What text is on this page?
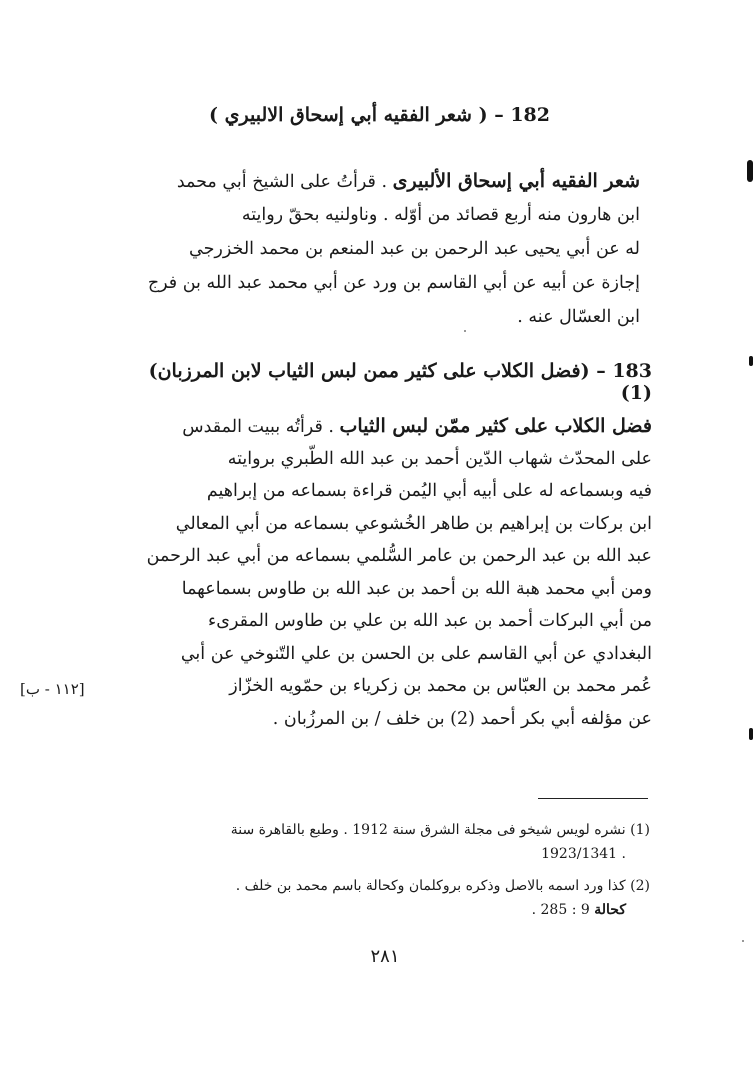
182 – ( شعر الفقيه أبي إسحاق الالبيري )
شعر الفقيه أبي إسحاق الألبيرى . قرأتُ على الشيخ أبي محمد
ابن هارون منه أربع قصائد من أوّله . وناولنيه بحقّ روايته
له عن أبي يحيى عبد الرحمن بن عبد المنعم بن محمد الخزرجي
إجازة عن أبيه عن أبي القاسم بن ورد عن أبي محمد عبد الله بن فرج
ابن العسّال عنه .
183 – (فضل الكلاب على كثير ممن لبس الثياب لابن المرزبان) (1)
فضل الكلاب على كثير ممّن لبس الثياب . قرأتُه ببيت المقدس
على المحدّث شهاب الدّين أحمد بن عبد الله الطّبري بروايته
فيه وبسماعه له على أبيه أبي اليُمن قراءة بسماعه من إبراهيم
ابن بركات بن إبراهيم بن طاهر الخُشوعي بسماعه من أبي المعالي
عبد الله بن عبد الرحمن بن عامر السُّلمي بسماعه من أبي عبد الرحمن
ومن أبي محمد هبة الله بن أحمد بن عبد الله بن طاوس بسماعهما
من أبي البركات أحمد بن عبد الله بن علي بن طاوس المقرىء
البغدادي عن أبي القاسم على بن الحسن بن علي التّنوخي عن أبي
عُمر محمد بن العبّاس بن محمد بن زكرياء بن حمّويه الخزّاز
عن مؤلفه أبي بكر أحمد (2) بن خلف / بن المرزُبان .
[١١٢ - ب]
(1) نشره لويس شيخو فى مجلة الشرق سنة 1912 . وطبع بالقاهرة سنة
. 1923/1341
(2) كذا ورد اسمه بالاصل وذكره بروكلمان وكحالة باسم محمد بن خلف .
كحالة 9 : 285 .
٢٨١
